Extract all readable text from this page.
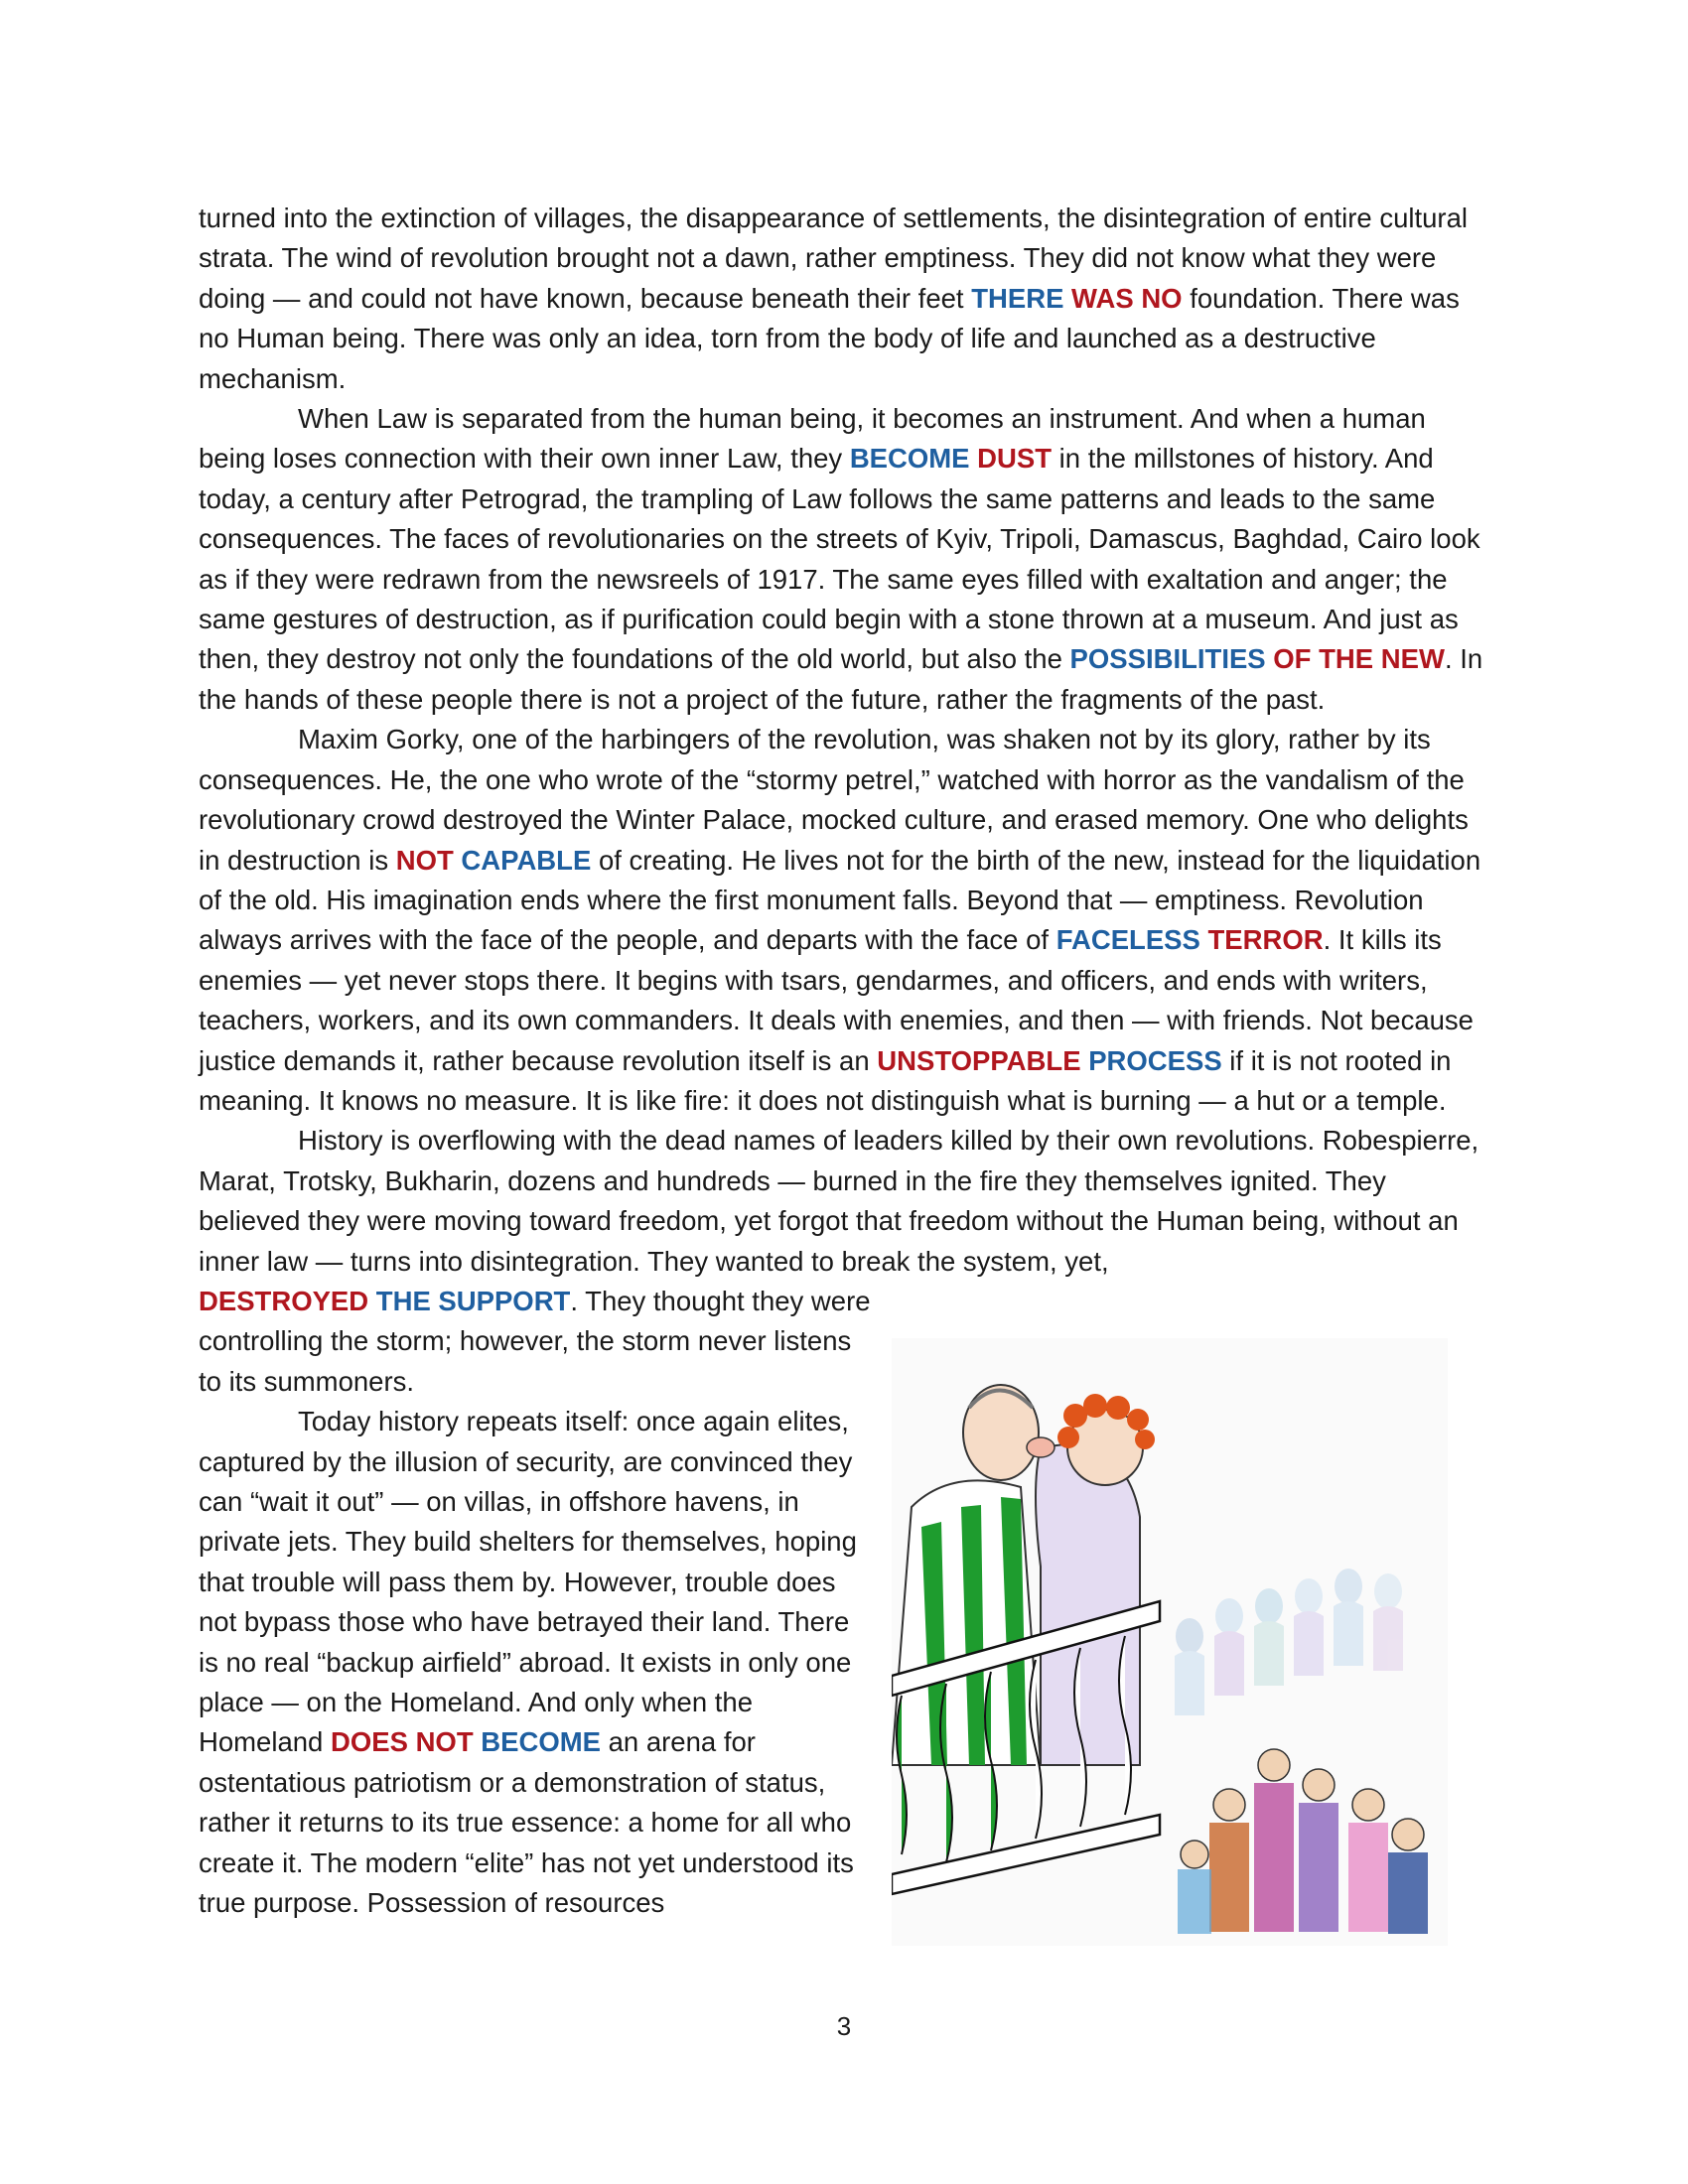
turned into the extinction of villages, the disappearance of settlements, the disintegration of entire cultural strata. The wind of revolution brought not a dawn, rather emptiness. They did not know what they were doing — and could not have known, because beneath their feet THERE WAS NO foundation. There was no Human being. There was only an idea, torn from the body of life and launched as a destructive mechanism.

When Law is separated from the human being, it becomes an instrument. And when a human being loses connection with their own inner Law, they BECOME DUST in the millstones of history. And today, a century after Petrograd, the trampling of Law follows the same patterns and leads to the same consequences. The faces of revolutionaries on the streets of Kyiv, Tripoli, Damascus, Baghdad, Cairo look as if they were redrawn from the newsreels of 1917. The same eyes filled with exaltation and anger; the same gestures of destruction, as if purification could begin with a stone thrown at a museum. And just as then, they destroy not only the foundations of the old world, but also the POSSIBILITIES OF THE NEW. In the hands of these people there is not a project of the future, rather the fragments of the past.

Maxim Gorky, one of the harbingers of the revolution, was shaken not by its glory, rather by its consequences. He, the one who wrote of the “stormy petrel,” watched with horror as the vandalism of the revolutionary crowd destroyed the Winter Palace, mocked culture, and erased memory. One who delights in destruction is NOT CAPABLE of creating. He lives not for the birth of the new, instead for the liquidation of the old. His imagination ends where the first monument falls. Beyond that — emptiness. Revolution always arrives with the face of the people, and departs with the face of FACELESS TERROR. It kills its enemies — yet never stops there. It begins with tsars, gendarmes, and officers, and ends with writers, teachers, workers, and its own commanders. It deals with enemies, and then — with friends. Not because justice demands it, rather because revolution itself is an UNSTOPPABLE PROCESS if it is not rooted in meaning. It knows no measure. It is like fire: it does not distinguish what is burning — a hut or a temple.

History is overflowing with the dead names of leaders killed by their own revolutions. Robespierre, Marat, Trotsky, Bukharin, dozens and hundreds — burned in the fire they themselves ignited. They believed they were moving toward freedom, yet forgot that freedom without the Human being, without an inner law — turns into disintegration. They wanted to break the system, yet,

DESTROYED THE SUPPORT. They thought they were controlling the storm; however, the storm never listens to its summoners.

Today history repeats itself: once again elites, captured by the illusion of security, are convinced they can “wait it out” — on villas, in offshore havens, in private jets. They build shelters for themselves, hoping that trouble will pass them by. However, trouble does not bypass those who have betrayed their land. There is no real “backup airfield” abroad. It exists in only one place — on the Homeland. And only when the Homeland DOES NOT BECOME an arena for ostentatious patriotism or a demonstration of status, rather it returns to its true essence: a home for all who create it. The modern “elite” has not yet understood its true purpose. Possession of resources

3
